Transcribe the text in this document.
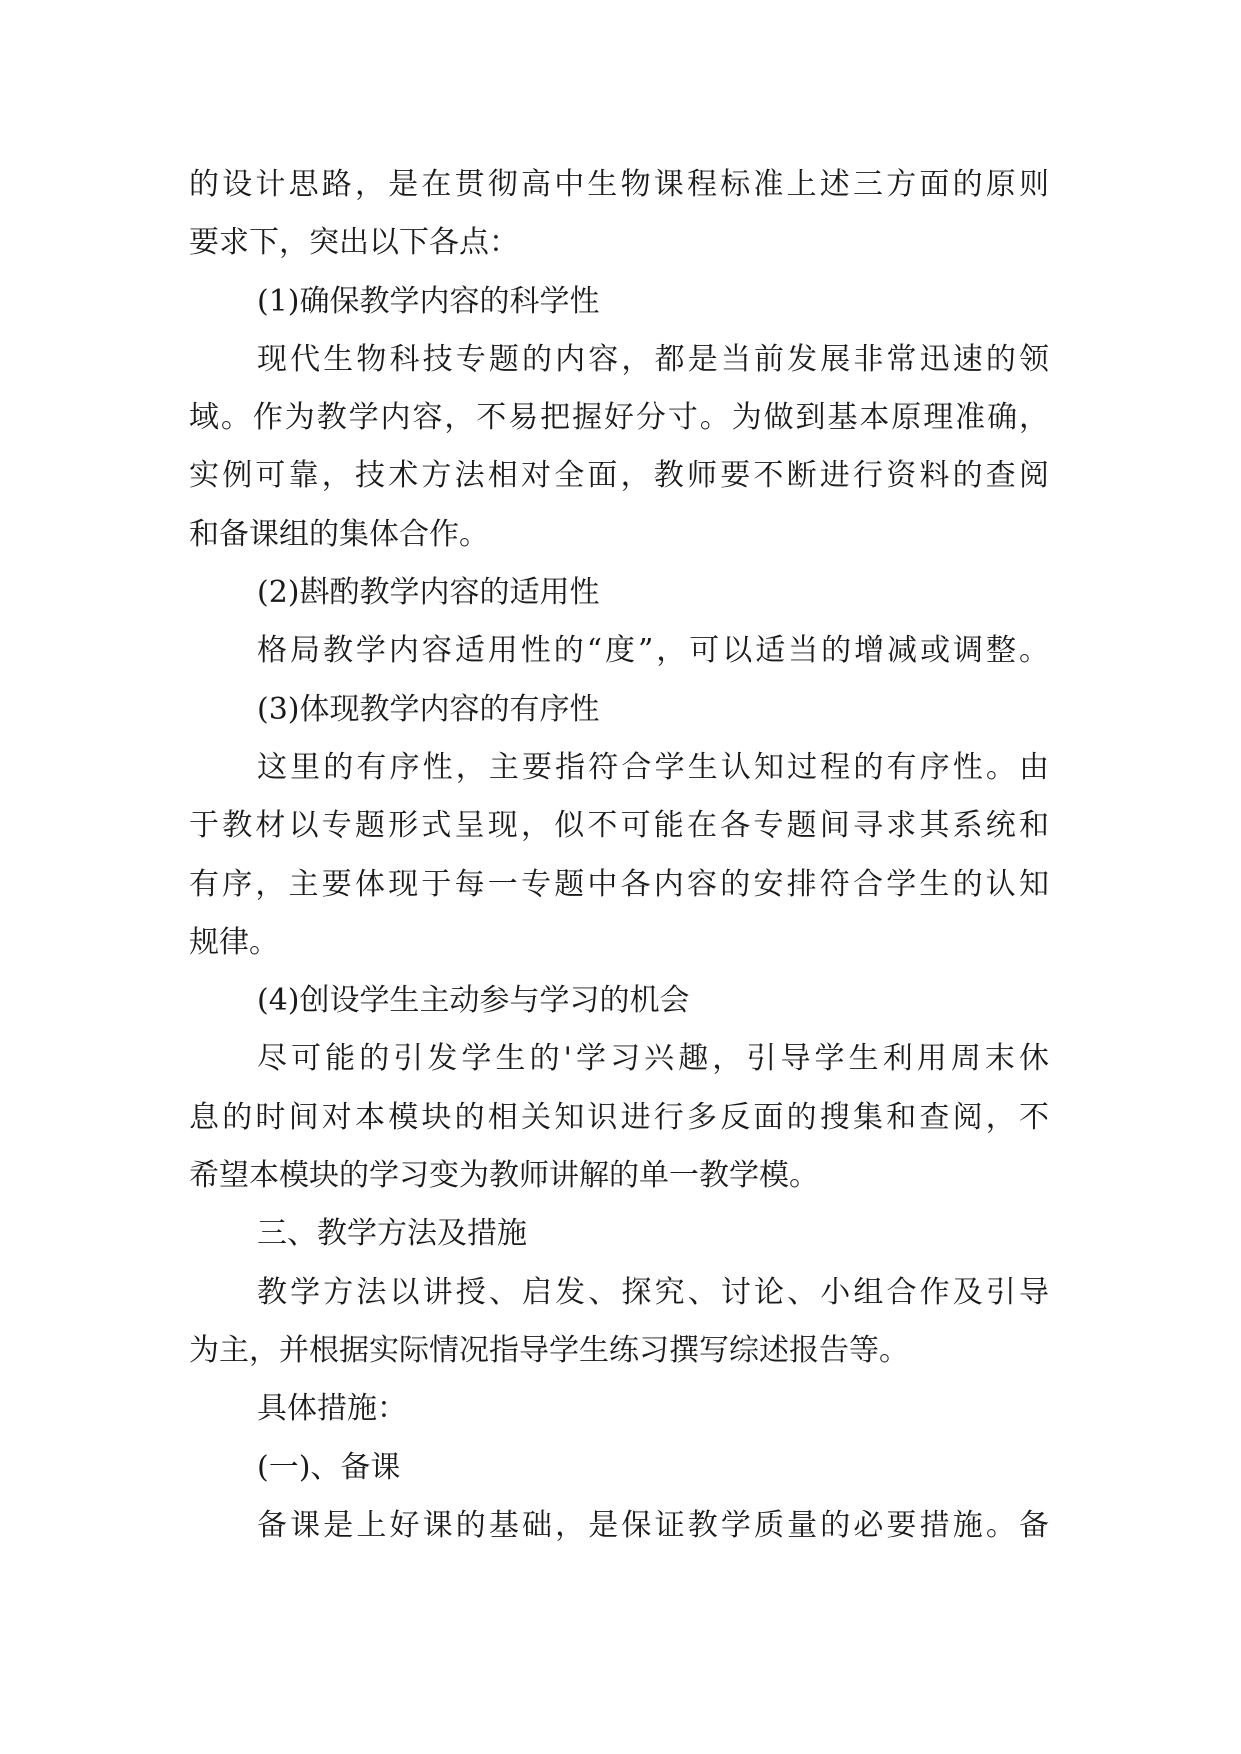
的设计思路，是在贯彻高中生物课程标准上述三方面的原则
要求下，突出以下各点：
(1)确保教学内容的科学性
现代生物科技专题的内容，都是当前发展非常迅速的领
域。作为教学内容，不易把握好分寸。为做到基本原理准确，
实例可靠，技术方法相对全面，教师要不断进行资料的查阅
和备课组的集体合作。
(2)斟酌教学内容的适用性
格局教学内容适用性的“度”，可以适当的增减或调整。
(3)体现教学内容的有序性
这里的有序性，主要指符合学生认知过程的有序性。由
于教材以专题形式呈现，似不可能在各专题间寻求其系统和
有序，主要体现于每一专题中各内容的安排符合学生的认知
规律。
(4)创设学生主动参与学习的机会
尽可能的引发学生的'学习兴趣，引导学生利用周末休
息的时间对本模块的相关知识进行多反面的搜集和查阅，不
希望本模块的学习变为教师讲解的单一教学模。
三、教学方法及措施
教学方法以讲授、启发、探究、讨论、小组合作及引导
为主，并根据实际情况指导学生练习撰写综述报告等。
具体措施：
(一)、备课
备课是上好课的基础，是保证教学质量的必要措施。备
